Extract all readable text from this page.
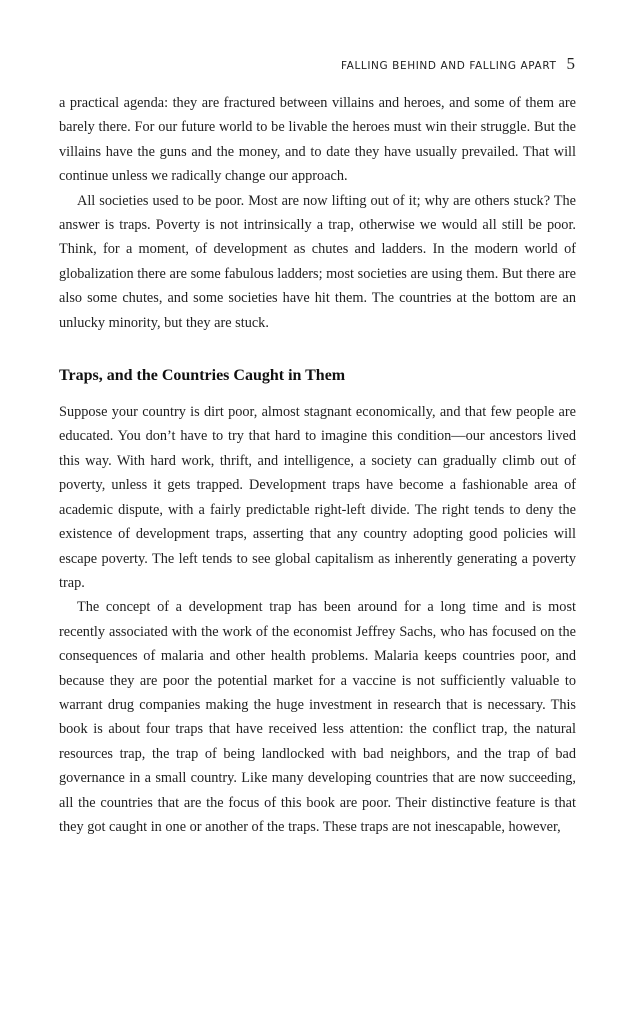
FALLING BEHIND AND FALLING APART 5

a practical agenda: they are fractured between villains and heroes, and some of them are barely there. For our future world to be livable the heroes must win their struggle. But the villains have the guns and the money, and to date they have usually prevailed. That will continue unless we radically change our approach.

All societies used to be poor. Most are now lifting out of it; why are others stuck? The answer is traps. Poverty is not intrinsically a trap, otherwise we would all still be poor. Think, for a moment, of development as chutes and ladders. In the modern world of globalization there are some fabulous ladders; most societies are using them. But there are also some chutes, and some societies have hit them. The countries at the bottom are an unlucky minority, but they are stuck.

Traps, and the Countries Caught in Them

Suppose your country is dirt poor, almost stagnant economically, and that few people are educated. You don’t have to try that hard to imagine this condition—our ancestors lived this way. With hard work, thrift, and intelligence, a society can gradually climb out of poverty, unless it gets trapped. Development traps have become a fashionable area of academic dispute, with a fairly predictable right-left divide. The right tends to deny the existence of development traps, asserting that any country adopting good policies will escape poverty. The left tends to see global capitalism as inherently generating a poverty trap.

The concept of a development trap has been around for a long time and is most recently associated with the work of the economist Jeffrey Sachs, who has focused on the consequences of malaria and other health problems. Malaria keeps countries poor, and because they are poor the potential market for a vaccine is not sufficiently valuable to warrant drug companies making the huge investment in research that is necessary. This book is about four traps that have received less attention: the conflict trap, the natural resources trap, the trap of being landlocked with bad neighbors, and the trap of bad governance in a small country. Like many developing countries that are now succeeding, all the countries that are the focus of this book are poor. Their distinctive feature is that they got caught in one or another of the traps. These traps are not inescapable, however,
